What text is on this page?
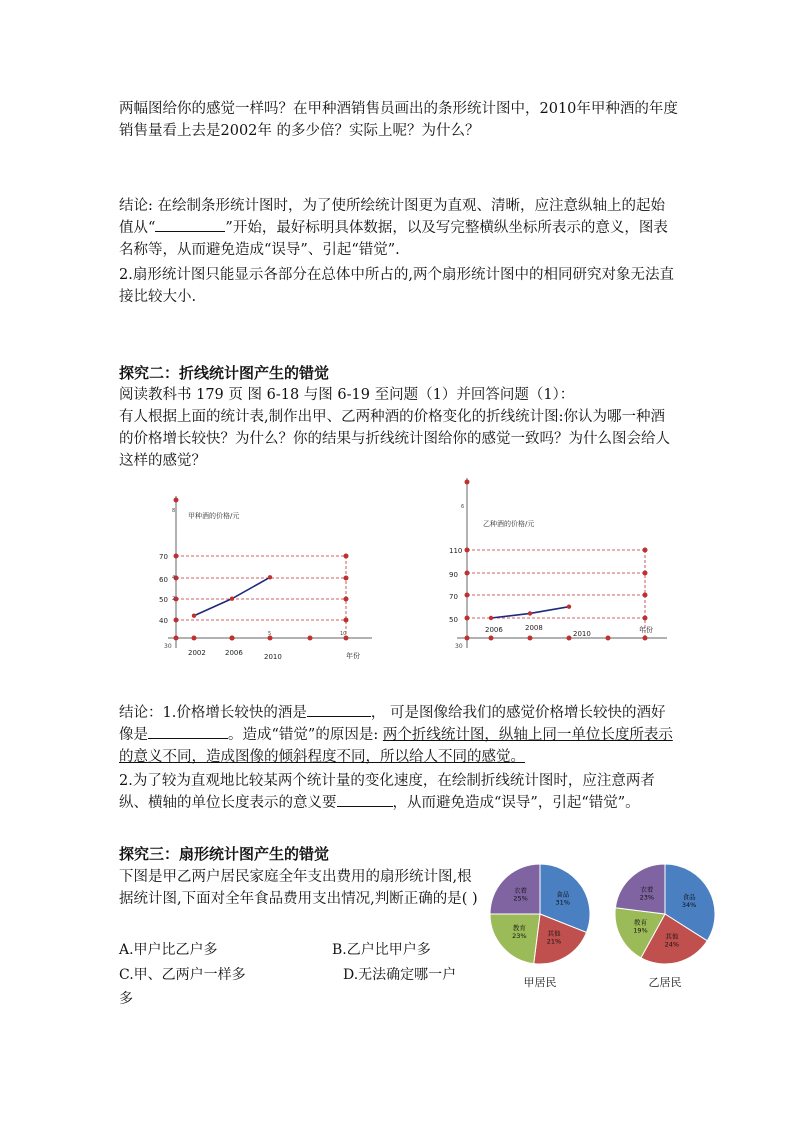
两幅图给你的感觉一样吗？在甲种酒销售员画出的条形统计图中，2010年甲种酒的年度销售量看上去是2002年 的多少倍？实际上呢？为什么？

结论: 在绘制条形统计图时，为了使所绘统计图更为直观、清晰，应注意纵轴上的起始值从“	”开始，最好标明具体数据，以及写完整横纵坐标所表示的意义，图表名称等，从而避免造成“误导”、引起“错觉”.

2.扇形统计图只能显示各部分在总体中所占的,两个扇形统计图中的相同研究对象无法直接比较大小.

探究二：折线统计图产生的错觉

阅读教科书 179 页 图 6-18 与图 6-19 至问题（1）并回答问题（1）：

有人根据上面的统计表,制作出甲、乙两种酒的价格变化的折线统计图:你认为哪一种酒的价格增长较快？为什么？你的结果与折线统计图给你的感觉一致吗？为什么图会给人这样的感觉？

甲种酒的价格/元
40
50
60
70
2
4
8
30
2002	2006	2010
5	10
年份
乙种酒的价格/元
50
70
90
110
6
30
2006	2008
2010	年份

结论：1.价格增长较快的酒是	， 可是图像给我们的感觉价格增长较快的酒好像是	。造成“错觉”的原因是: 两个折线统计图，纵轴上同一单位长度所表示的意义不同，造成图像的倾斜程度不同，所以给人不同的感觉。

2.为了较为直观地比较某两个统计量的变化速度，在绘制折线统计图时，应注意两者纵、横轴的单位长度表示的意义要	，从而避免造成“误导”，引起“错觉”。

探究三：扇形统计图产生的错觉

下图是甲乙两户居民家庭全年支出费用的扇形统计图,根据统计图,下面对全年食品费用支出情况,判断正确的是( )

A.甲户比乙户多	B.乙户比甲户多
C.甲、乙两户一样多	D.无法确定哪一户
多
食品
31%
其他
21%
教育
23%
衣着
25%
甲居民
食品
34%
其他
24%
教育
19%
衣着
23%
乙居民
